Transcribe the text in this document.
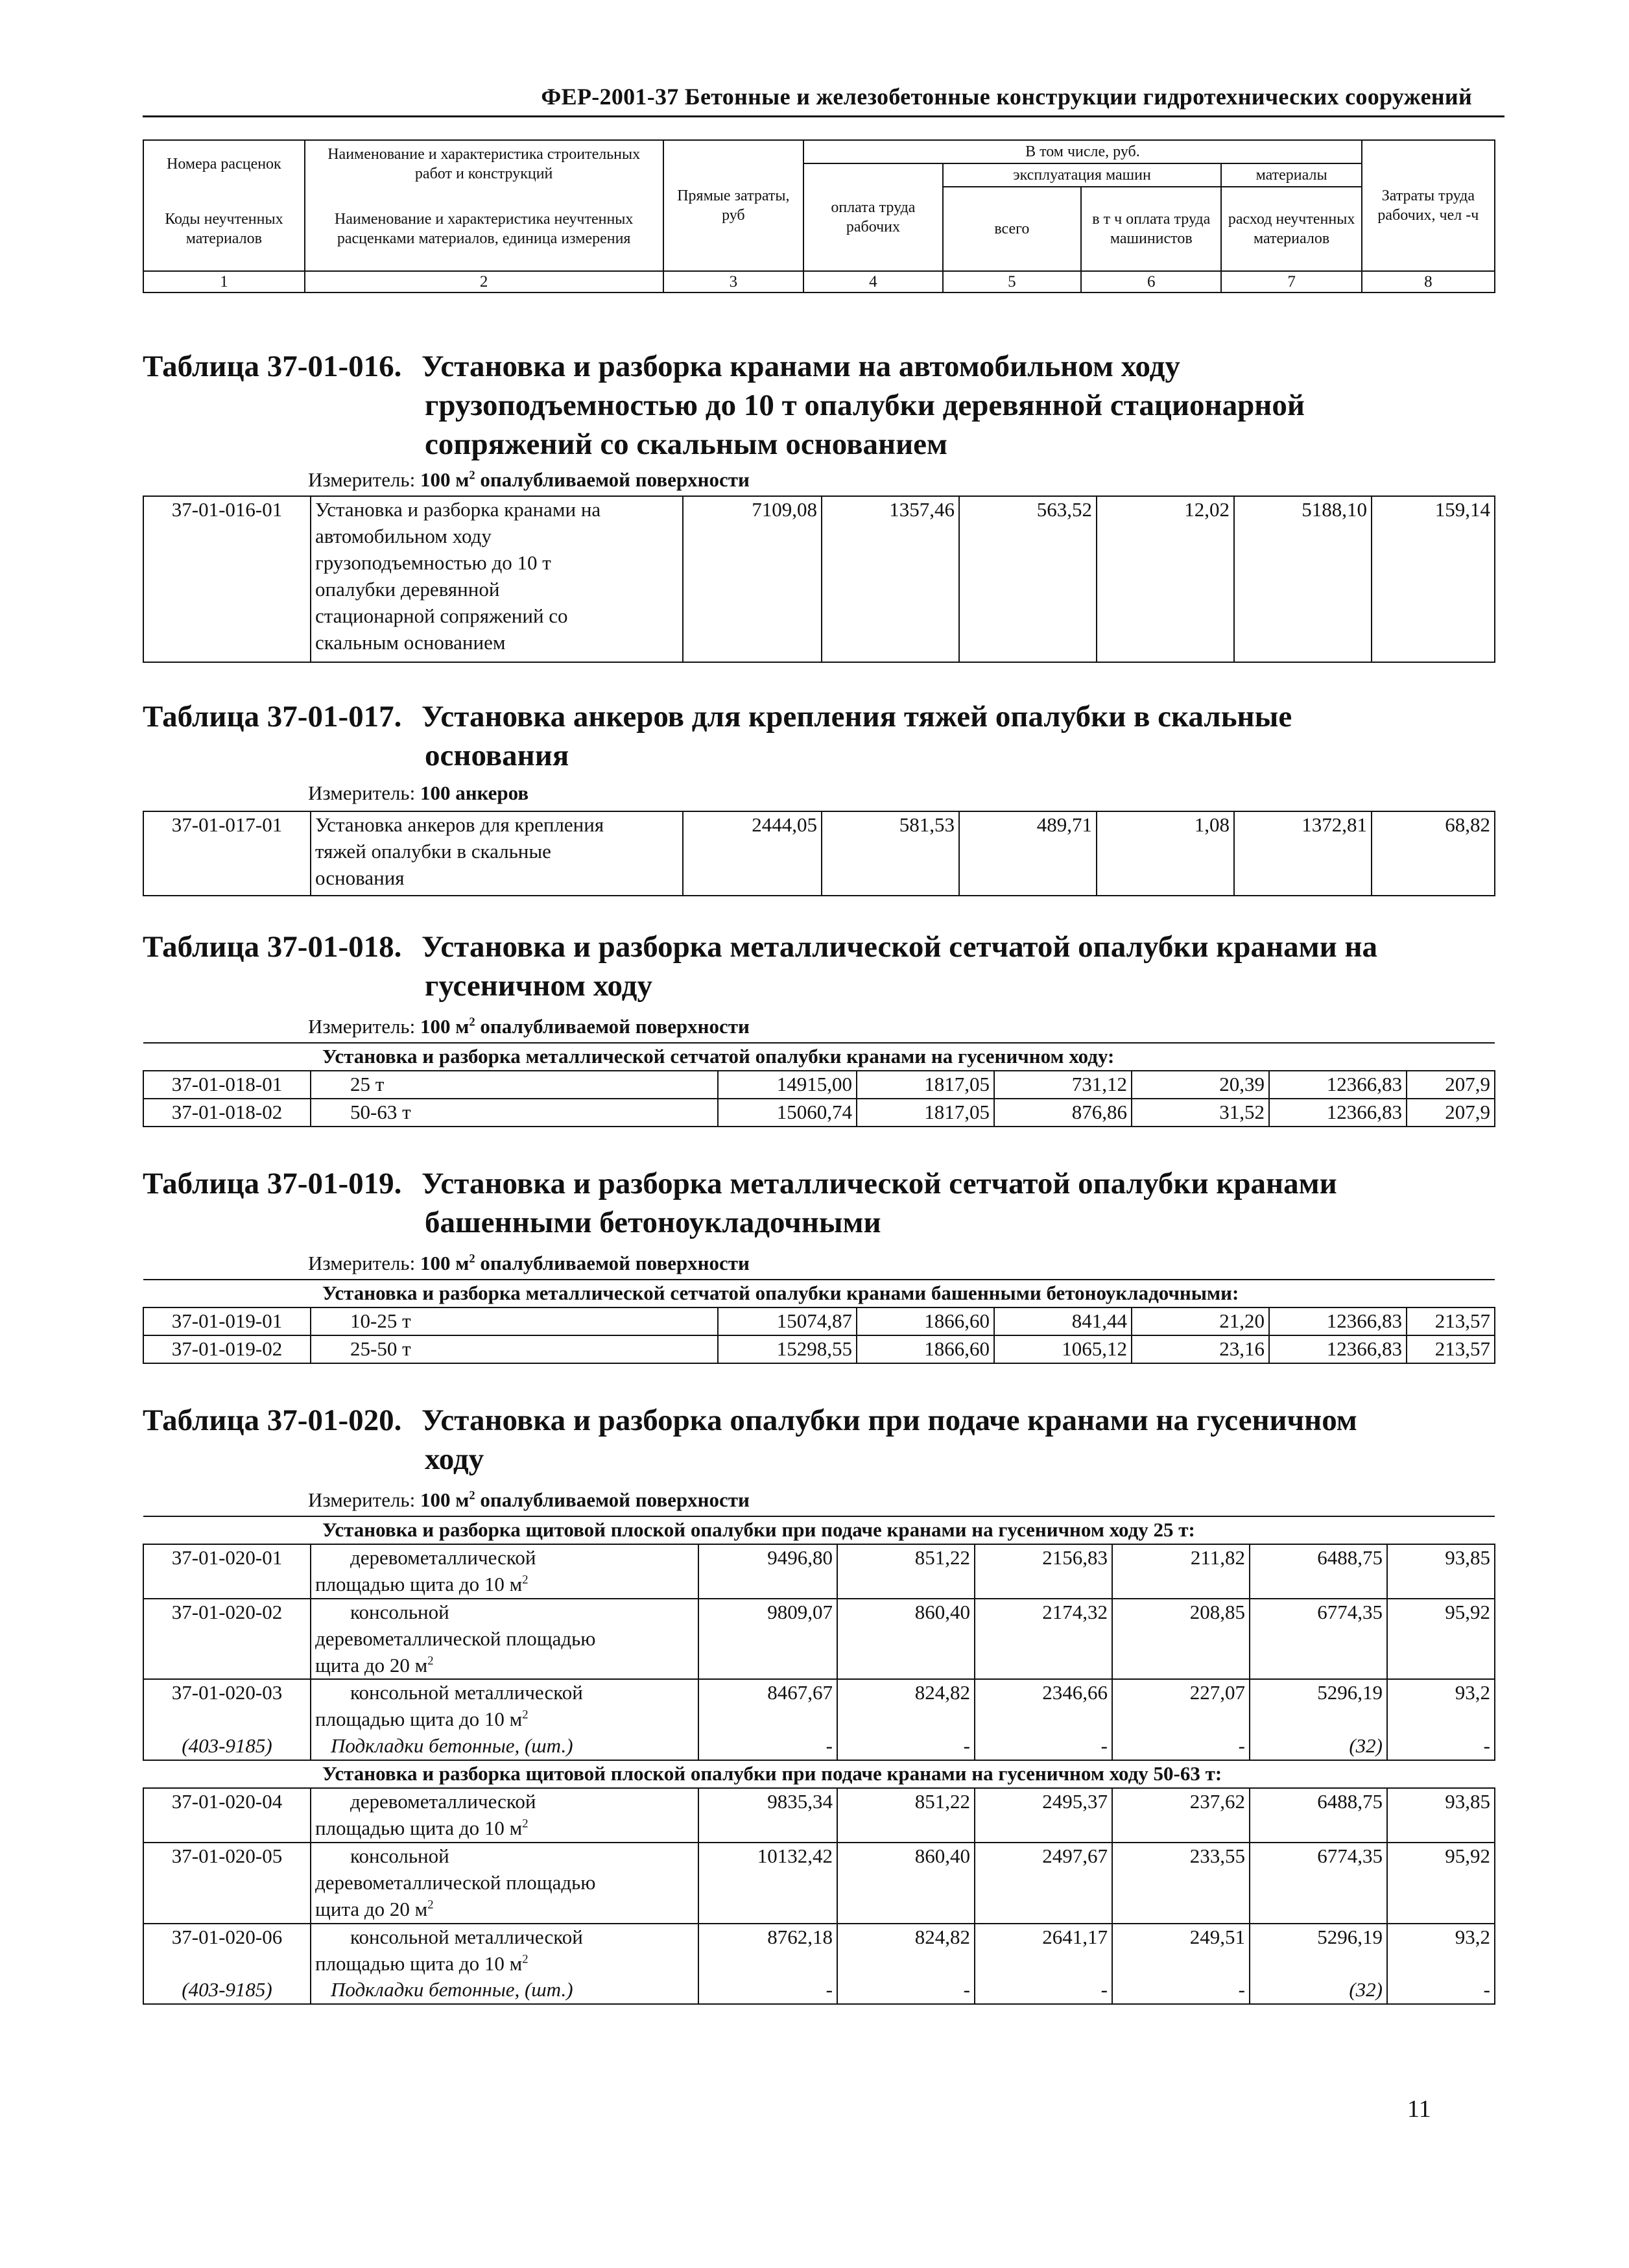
ФЕР-2001-37 Бетонные и железобетонные конструкции гидротехнических сооружений
Номера расценок	Наименование и характеристика строительных работ и конструкций	Прямые затраты, руб	В том числе, руб.				Затраты труда рабочих, чел -ч
			оплата труда рабочих	эксплуатация машин		материалы	
Коды неучтенных материалов	Наименование и характеристика неучтенных расценками материалов, единица измерения			всего	в т ч оплата труда машинистов	расход неучтенных материалов	
1	2	3	4	5	6	7	8
Таблица 37-01-016. Установка и разборка кранами на автомобильном ходу
грузоподъемностью до 10 т опалубки деревянной стационарной
сопряжений со скальным основанием
Измеритель: 100 $м^2$ опалубливаемой поверхности
37-01-016-01	Установка и разборка кранами на
автомобильном ходу
грузоподъемностью до 10 т
опалубки деревянной
стационарной сопряжений со
скальным основанием
	7109,08	1357,46	563,52	12,02	5188,10	159,14
Таблица 37-01-017. Установка анкеров для крепления тяжей опалубки в скальные
основания
Измеритель: 100 анкеров
37-01-017-01	Установка анкеров для крепления
тяжей опалубки в скальные
основания
	2444,05	581,53	489,71	1,08	1372,81	68,82
Таблица 37-01-018. Установка и разборка металлической сетчатой опалубки кранами на
гусеничном ходу
Измеритель: 100 $м^2$ опалубливаемой поверхности
Установка и разборка металлической сетчатой опалубки кранами на гусеничном ходу:							
37-01-018-01	25 т	14915,00	1817,05	731,12	20,39	12366,83	207,9
37-01-018-02	50-63 т	15060,74	1817,05	876,86	31,52	12366,83	207,9
Таблица 37-01-019. Установка и разборка металлической сетчатой опалубки кранами
башенными бетоноукладочными
Измеритель: 100 $м^2$ опалубливаемой поверхности
Установка и разборка металлической сетчатой опалубки кранами башенными бетоноукладочными:							
37-01-019-01	10-25 т	15074,87	1866,60	841,44	21,20	12366,83	213,57
37-01-019-02	25-50 т	15298,55	1866,60	1065,12	23,16	12366,83	213,57
Таблица 37-01-020. Установка и разборка опалубки при подаче кранами на гусеничном
ходу
Измеритель: 100 $м^2$ опалубливаемой поверхности
Установка и разборка щитовой плоской опалубки при подаче кранами на гусеничном ходу 25 т:							
37-01-020-01	деревометаллической
площадью щита до 10 $м^2$	9496,80	851,22	2156,83	211,82	6488,75	93,85
37-01-020-02	консольной
деревометаллической площадью
щита до 20 $м^2$	9809,07	860,40	2174,32	208,85	6774,35	95,92
37-01-020-03	консольной металлической
площадью щита до 10 $м^2$	8467,67	824,82	2346,66	227,07	5296,19	93,2
(403-9185)	Подкладки бетонные, (шт.)	-	-	-	-	(32)	-
Установка и разборка щитовой плоской опалубки при подаче кранами на гусеничном ходу 50-63 т:							
37-01-020-04	деревометаллической
площадью щита до 10 $м^2$	9835,34	851,22	2495,37	237,62	6488,75	93,85
37-01-020-05	консольной
деревометаллической площадью
щита до 20 $м^2$	10132,42	860,40	2497,67	233,55	6774,35	95,92
37-01-020-06	консольной металлической
площадью щита до 10 $м^2$	8762,18	824,82	2641,17	249,51	5296,19	93,2
(403-9185)	Подкладки бетонные, (шт.)	-	-	-	-	(32)	-
11
